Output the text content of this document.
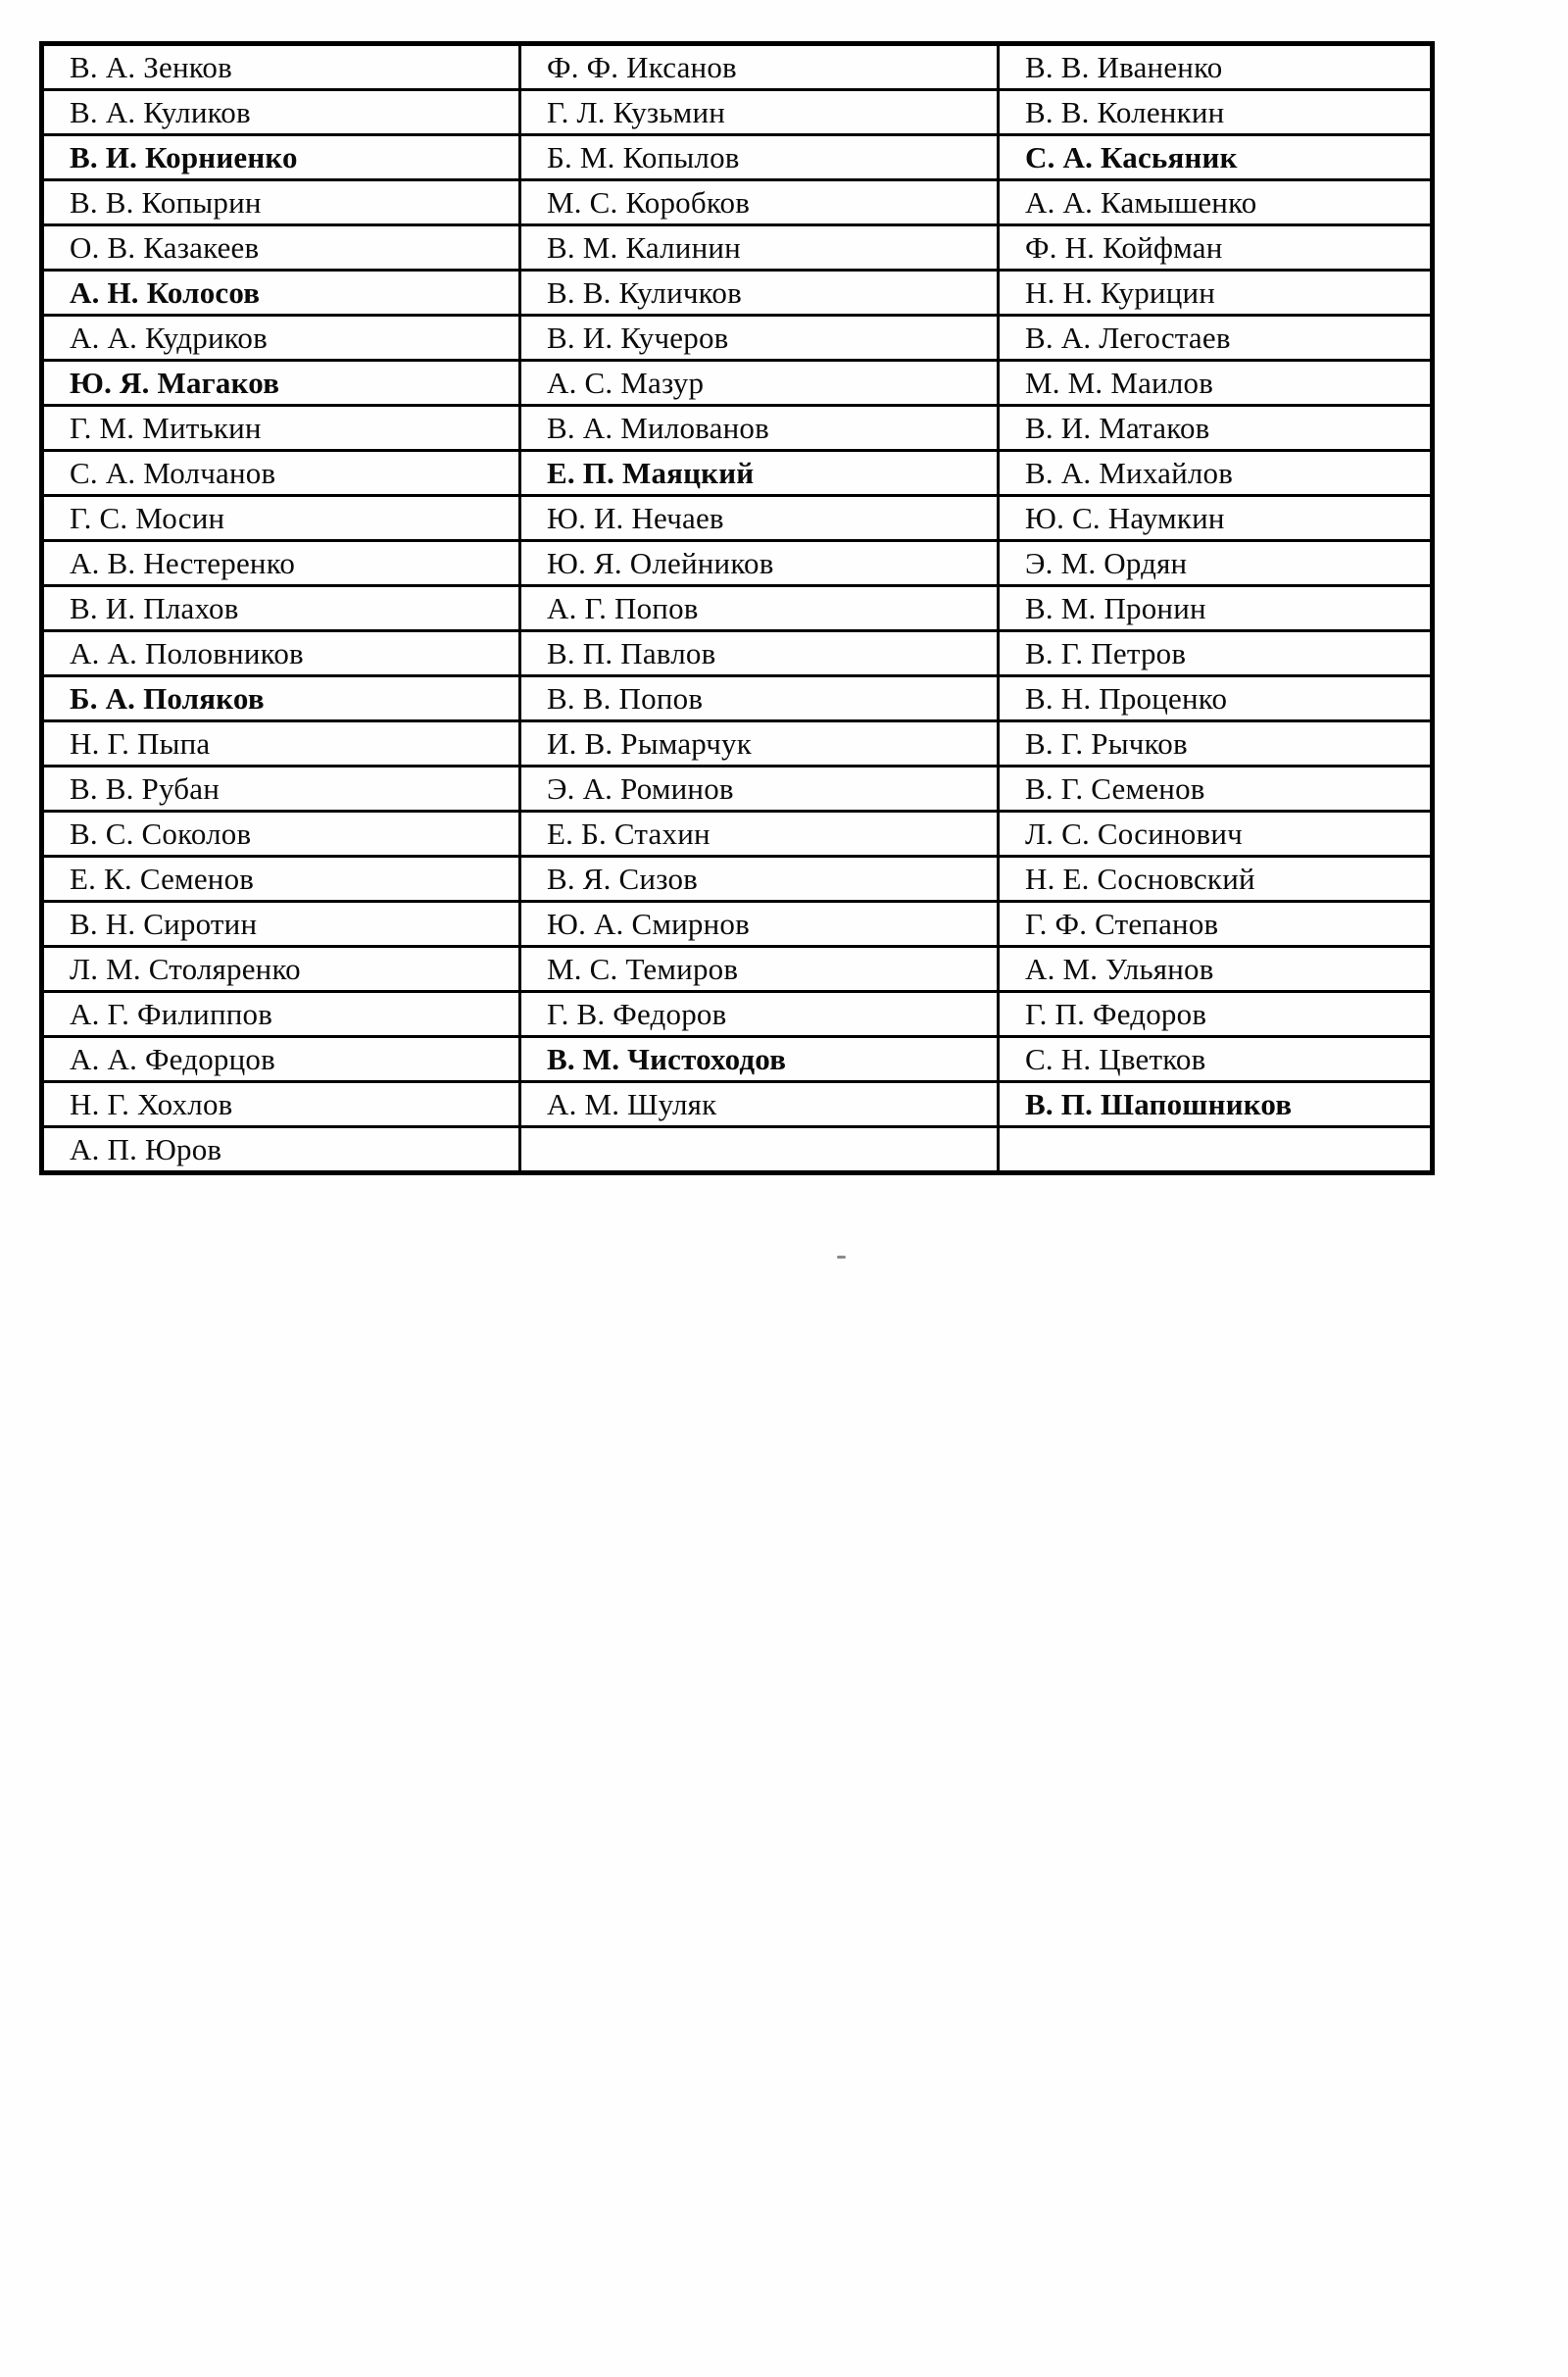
В. А. Зенков	Ф. Ф. Иксанов	В. В. Иваненко
В. А. Куликов	Г. Л. Кузьмин	В. В. Коленкин
В. И. Корниенко	Б. М. Копылов	С. А. Касьяник
В. В. Копырин	М. С. Коробков	А. А. Камышенко
О. В. Казакеев	В. М. Калинин	Ф. Н. Койфман
А. Н. Колосов	В. В. Куличков	Н. Н. Курицин
А. А. Кудриков	В. И. Кучеров	В. А. Легостаев
Ю. Я. Магаков	А. С. Мазур	М. М. Маилов
Г. М. Митькин	В. А. Милованов	В. И. Матаков
С. А. Молчанов	Е. П. Маяцкий	В. А. Михайлов
Г. С. Мосин	Ю. И. Нечаев	Ю. С. Наумкин
А. В. Нестеренко	Ю. Я. Олейников	Э. М. Ордян
В. И. Плахов	А. Г. Попов	В. М. Пронин
А. А. Половников	В. П. Павлов	В. Г. Петров
Б. А. Поляков	В. В. Попов	В. Н. Проценко
Н. Г. Пыпа	И. В. Рымарчук	В. Г. Рычков
В. В. Рубан	Э. А. Роминов	В. Г. Семенов
В. С. Соколов	Е. Б. Стахин	Л. С. Сосинович
Е. К. Семенов	В. Я. Сизов	Н. Е. Сосновский
В. Н. Сиротин	Ю. А. Смирнов	Г. Ф. Степанов
Л. М. Столяренко	М. С. Темиров	А. М. Ульянов
А. Г. Филиппов	Г. В. Федоров	Г. П. Федоров
А. А. Федорцов	В. М. Чистоходов	С. Н. Цветков
Н. Г. Хохлов	А. М. Шуляк	В. П. Шапошников
А. П. Юров		
